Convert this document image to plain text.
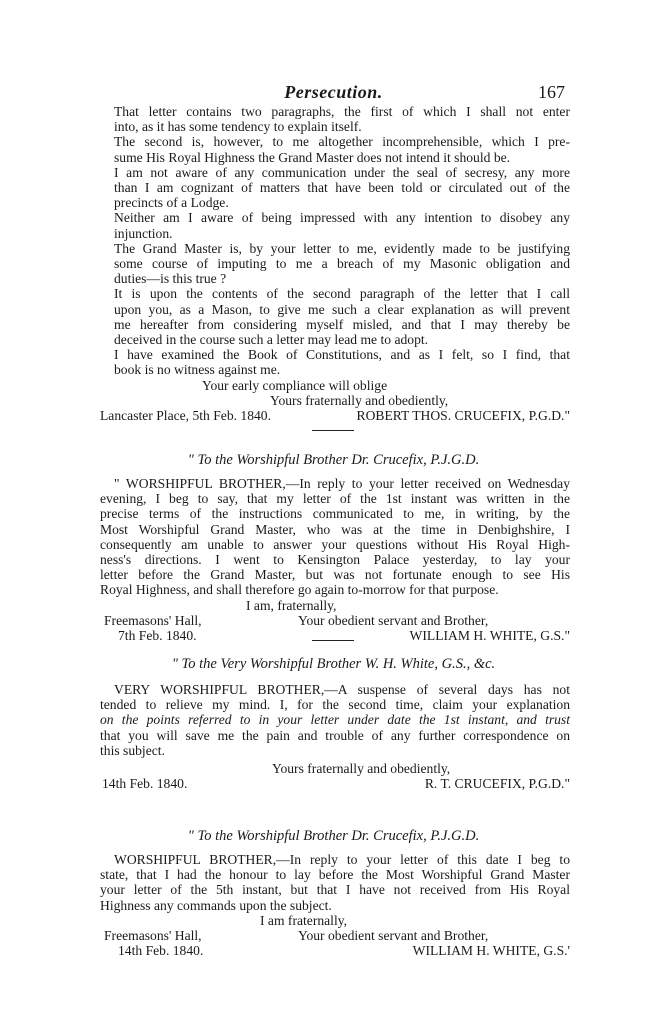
Persecution.	167

That letter contains two paragraphs, the first of which I shall not enter
into, as it has some tendency to explain itself.

The second is, however, to me altogether incomprehensible, which I pre-
sume His Royal Highness the Grand Master does not intend it should be.

I am not aware of any communication under the seal of secresy, any more
than I am cognizant of matters that have been told or circulated out of the
precincts of a Lodge.

Neither am I aware of being impressed with any intention to disobey any
injunction.

The Grand Master is, by your letter to me, evidently made to be justifying
some course of imputing to me a breach of my Masonic obligation and
duties—is this true ?

It is upon the contents of the second paragraph of the letter that I call
upon you, as a Mason, to give me such a clear explanation as will prevent
me hereafter from considering myself misled, and that I may thereby be
deceived in the course such a letter may lead me to adopt.

I have examined the Book of Constitutions, and as I felt, so I find, that
book is no witness against me.

Your early compliance will oblige
Yours fraternally and obediently,
Lancaster Place, 5th Feb. 1840.	ROBERT THOS. CRUCEFIX, P.G.D."
" To the Worshipful Brother Dr. Crucefix, P.J.G.D.

" WORSHIPFUL BROTHER,—In reply to your letter received on Wednesday
evening, I beg to say, that my letter of the 1st instant was written in the
precise terms of the instructions communicated to me, in writing, by the
Most Worshipful Grand Master, who was at the time in Denbighshire, I
consequently am unable to answer your questions without His Royal High-
ness's directions. I went to Kensington Palace yesterday, to lay your
letter before the Grand Master, but was not fortunate enough to see His
Royal Highness, and shall therefore go again to-morrow for that purpose.

I am, fraternally,
Freemasons' Hall,	Your obedient servant and Brother,
7th Feb. 1840.	WILLIAM H. WHITE, G.S."
" To the Very Worshipful Brother W. H. White, G.S., &c.

VERY WORSHIPFUL BROTHER,—A suspense of several days has not
tended to relieve my mind. I, for the second time, claim your explanation
on the points referred to in your letter under date the 1st instant, and trust
that you will save me the pain and trouble of any further correspondence on
this subject.

Yours fraternally and obediently,
14th Feb. 1840.	R. T. CRUCEFIX, P.G.D."
" To the Worshipful Brother Dr. Crucefix, P.J.G.D.

WORSHIPFUL BROTHER,—In reply to your letter of this date I beg to
state, that I had the honour to lay before the Most Worshipful Grand Master
your letter of the 5th instant, but that I have not received from His Royal
Highness any commands upon the subject.

I am fraternally,
Freemasons' Hall,	Your obedient servant and Brother,
14th Feb. 1840.	WILLIAM H. WHITE, G.S.'
